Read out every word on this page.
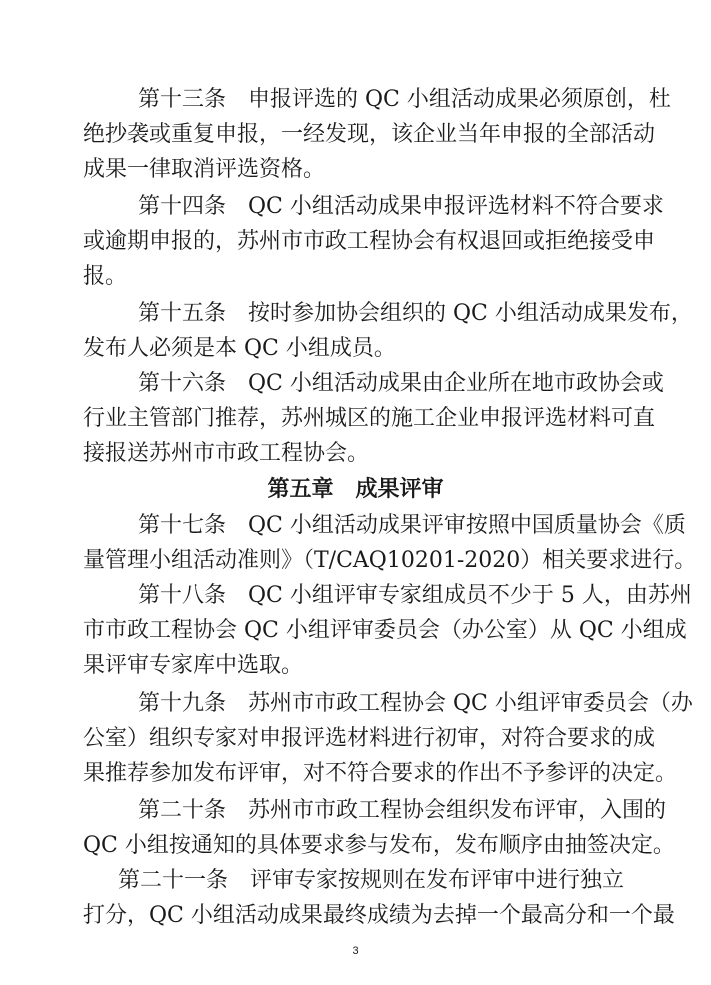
第十三条　申报评选的 QC 小组活动成果必须原创，杜
绝抄袭或重复申报，一经发现，该企业当年申报的全部活动
成果一律取消评选资格。
第十四条　QC 小组活动成果申报评选材料不符合要求
或逾期申报的，苏州市市政工程协会有权退回或拒绝接受申
报。
第十五条　按时参加协会组织的 QC 小组活动成果发布，
发布人必须是本 QC 小组成员。
第十六条　QC 小组活动成果由企业所在地市政协会或
行业主管部门推荐，苏州城区的施工企业申报评选材料可直
接报送苏州市市政工程协会。
第五章　成果评审
第十七条　QC 小组活动成果评审按照中国质量协会《质
量管理小组活动准则》（T/CAQ10201-2020）相关要求进行。
第十八条　QC 小组评审专家组成员不少于 5 人，由苏州
市市政工程协会 QC 小组评审委员会（办公室）从 QC 小组成
果评审专家库中选取。
第十九条　苏州市市政工程协会 QC 小组评审委员会（办
公室）组织专家对申报评选材料进行初审，对符合要求的成
果推荐参加发布评审，对不符合要求的作出不予参评的决定。
第二十条　苏州市市政工程协会组织发布评审，入围的
QC 小组按通知的具体要求参与发布，发布顺序由抽签决定。
第二十一条　评审专家按规则在发布评审中进行独立
打分，QC 小组活动成果最终成绩为去掉一个最高分和一个最
3
